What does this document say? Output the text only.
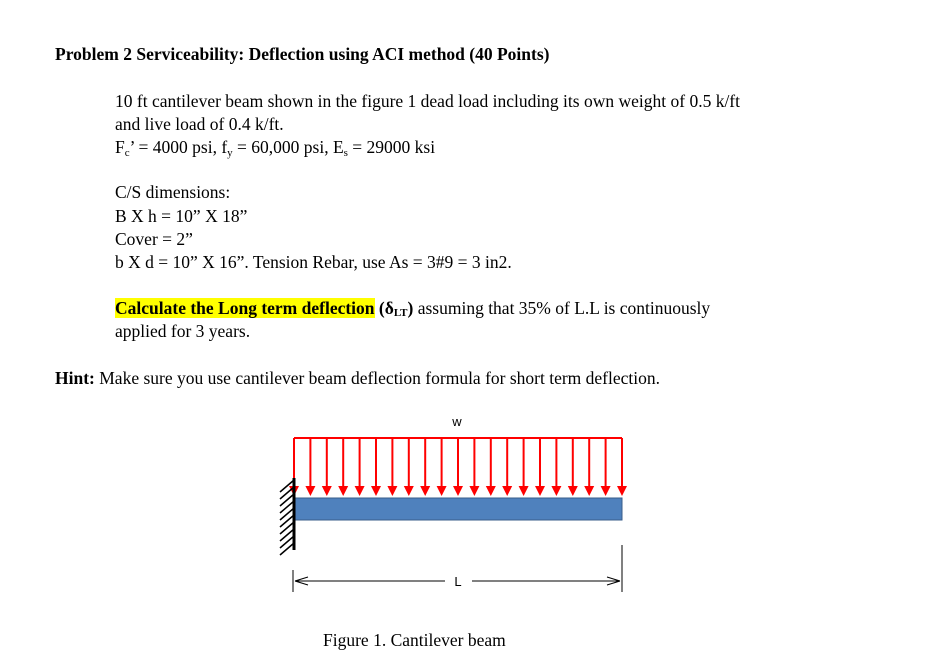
Problem 2 Serviceability: Deflection using ACI method (40 Points)
10 ft cantilever beam shown in the figure 1 dead load including its own weight of 0.5 k/ft
and live load of 0.4 k/ft.
$F_c$’ = 4000 psi, $f_y = 60,000$ psi, $E_s = 29000$ ksi
C/S dimensions:
B X h = 10” X 18”
Cover = 2”
b X d = 10” X 16”. Tension Rebar, use As = 3#9 = 3 in2.
Calculate the Long term deflection (δLT) assuming that 35% of L.L is continuously
applied for 3 years.
Hint: Make sure you use cantilever beam deflection formula for short term deflection.
w
L
Figure 1. Cantilever beam
